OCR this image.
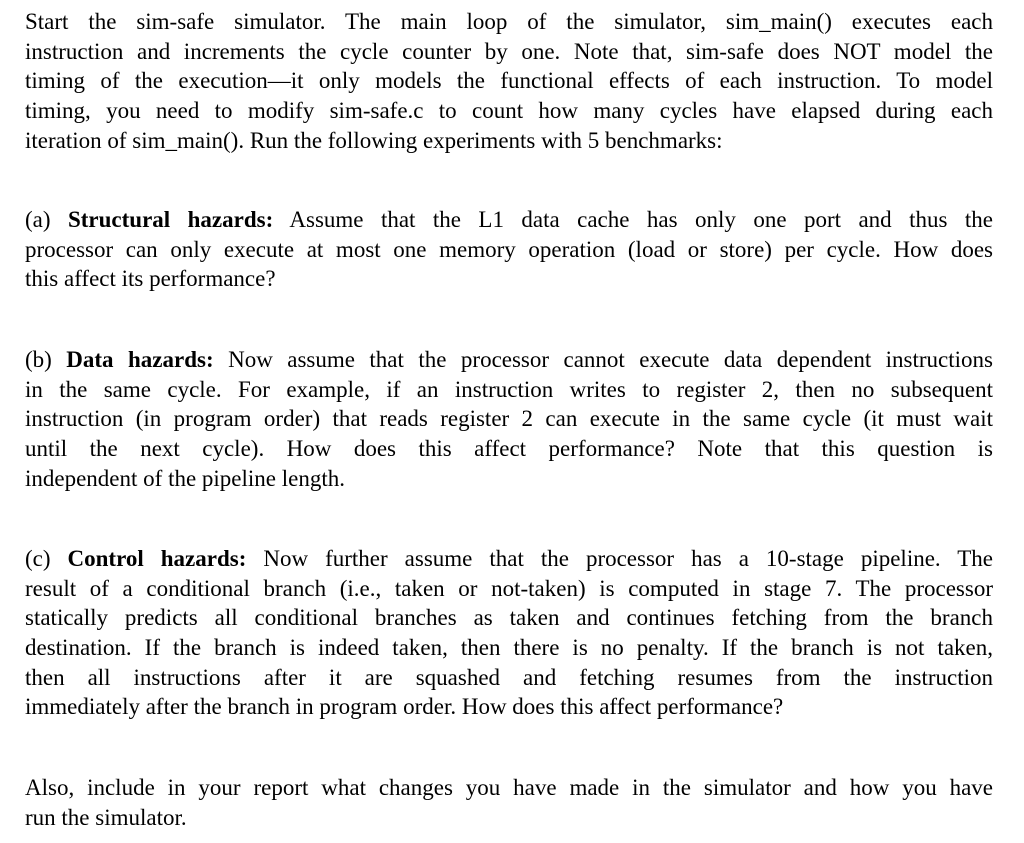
Start the sim-safe simulator. The main loop of the simulator, sim_main() executes each
instruction and increments the cycle counter by one. Note that, sim-safe does NOT model the
timing of the execution—it only models the functional effects of each instruction. To model
timing, you need to modify sim-safe.c to count how many cycles have elapsed during each
iteration of sim_main(). Run the following experiments with 5 benchmarks:
(a) Structural hazards: Assume that the L1 data cache has only one port and thus the
processor can only execute at most one memory operation (load or store) per cycle. How does
this affect its performance?
(b) Data hazards: Now assume that the processor cannot execute data dependent instructions
in the same cycle. For example, if an instruction writes to register 2, then no subsequent
instruction (in program order) that reads register 2 can execute in the same cycle (it must wait
until the next cycle). How does this affect performance? Note that this question is
independent of the pipeline length.
(c) Control hazards: Now further assume that the processor has a 10-stage pipeline. The
result of a conditional branch (i.e., taken or not-taken) is computed in stage 7. The processor
statically predicts all conditional branches as taken and continues fetching from the branch
destination. If the branch is indeed taken, then there is no penalty. If the branch is not taken,
then all instructions after it are squashed and fetching resumes from the instruction
immediately after the branch in program order. How does this affect performance?
Also, include in your report what changes you have made in the simulator and how you have
run the simulator.
